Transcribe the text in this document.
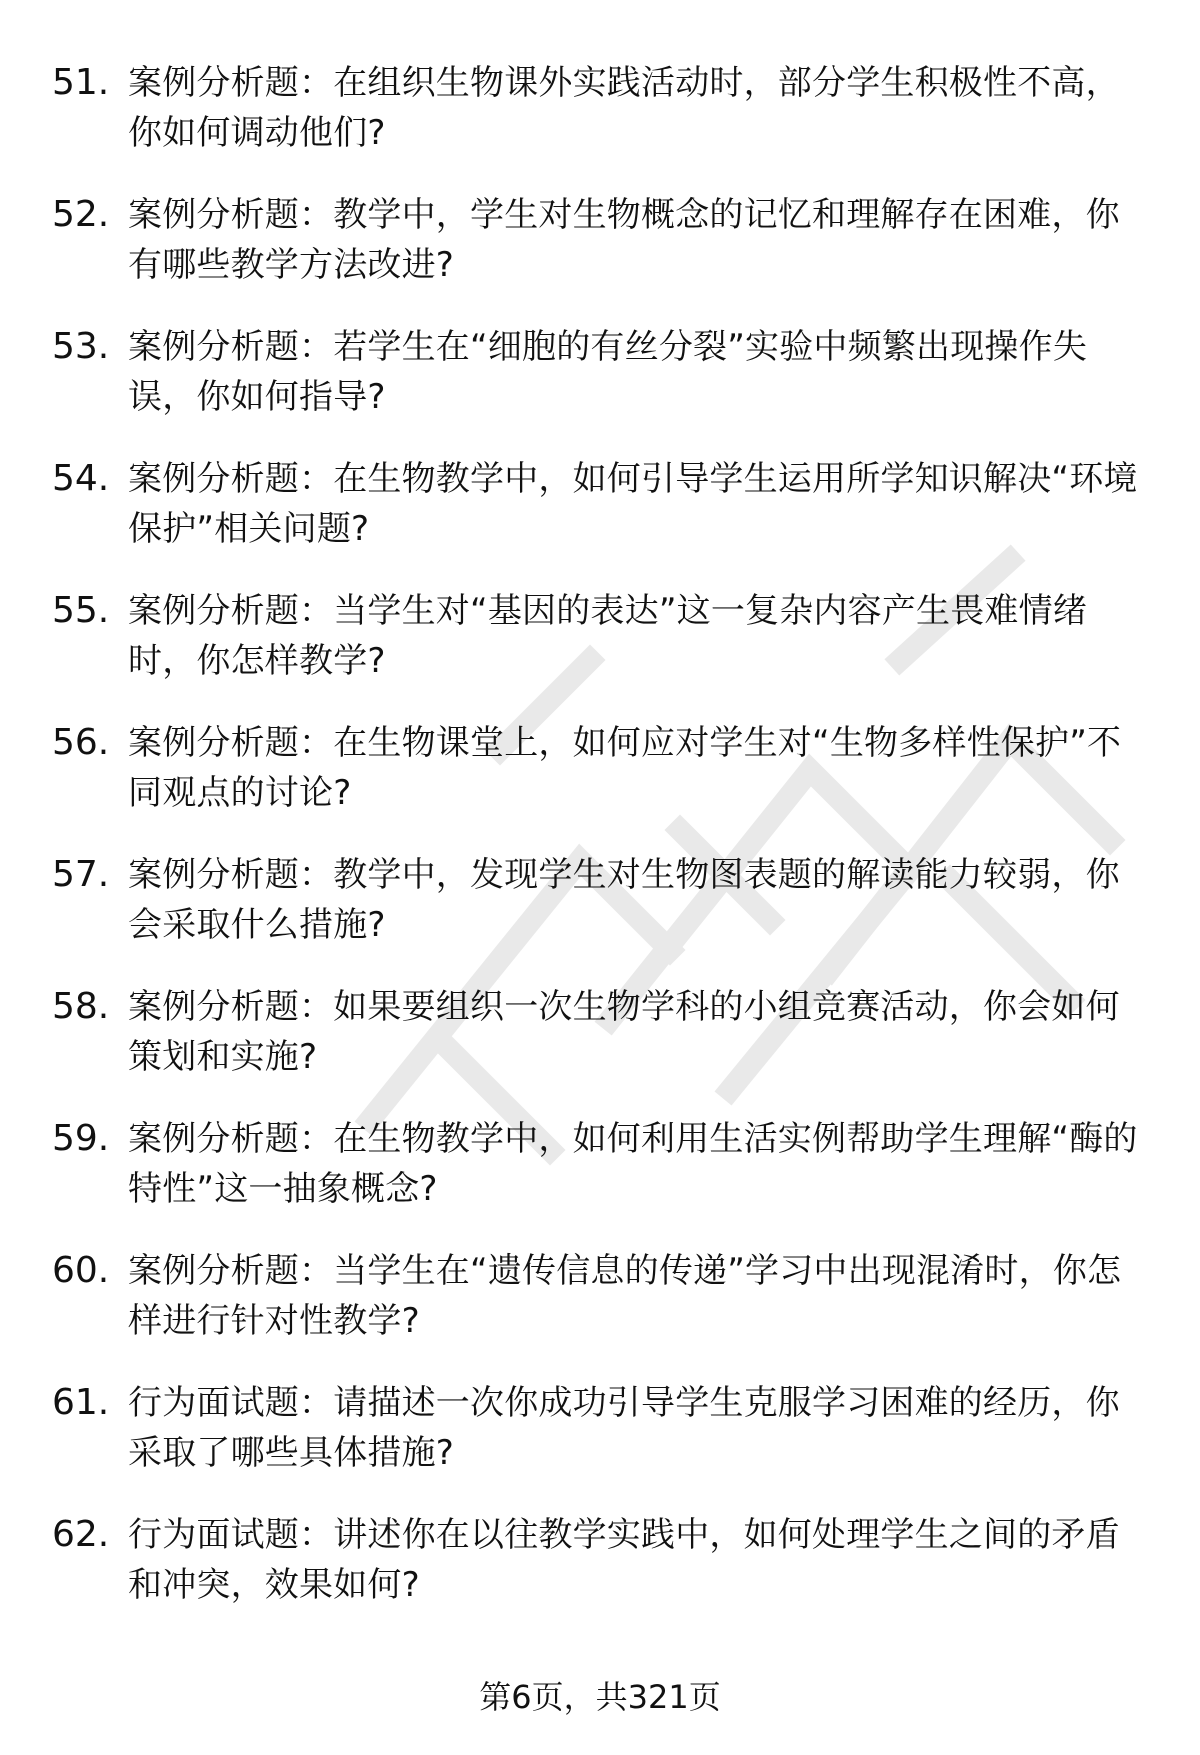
51. 案例分析题：在组织生物课外实践活动时，部分学生积极性不高，你如何调动他们?
52. 案例分析题：教学中，学生对生物概念的记忆和理解存在困难，你有哪些教学方法改进?
53. 案例分析题：若学生在“细胞的有丝分裂”实验中频繁出现操作失误，你如何指导?
54. 案例分析题：在生物教学中，如何引导学生运用所学知识解决“环境保护”相关问题?
55. 案例分析题：当学生对“基因的表达”这一复杂内容产生畏难情绪时，你怎样教学?
56. 案例分析题：在生物课堂上，如何应对学生对“生物多样性保护”不同观点的讨论?
57. 案例分析题：教学中，发现学生对生物图表题的解读能力较弱，你会采取什么措施?
58. 案例分析题：如果要组织一次生物学科的小组竞赛活动，你会如何策划和实施?
59. 案例分析题：在生物教学中，如何利用生活实例帮助学生理解“酶的特性”这一抽象概念?
60. 案例分析题：当学生在“遗传信息的传递”学习中出现混淆时，你怎样进行针对性教学?
61. 行为面试题：请描述一次你成功引导学生克服学习困难的经历，你采取了哪些具体措施?
62. 行为面试题：讲述你在以往教学实践中，如何处理学生之间的矛盾和冲突，效果如何?
第6页，共321页
